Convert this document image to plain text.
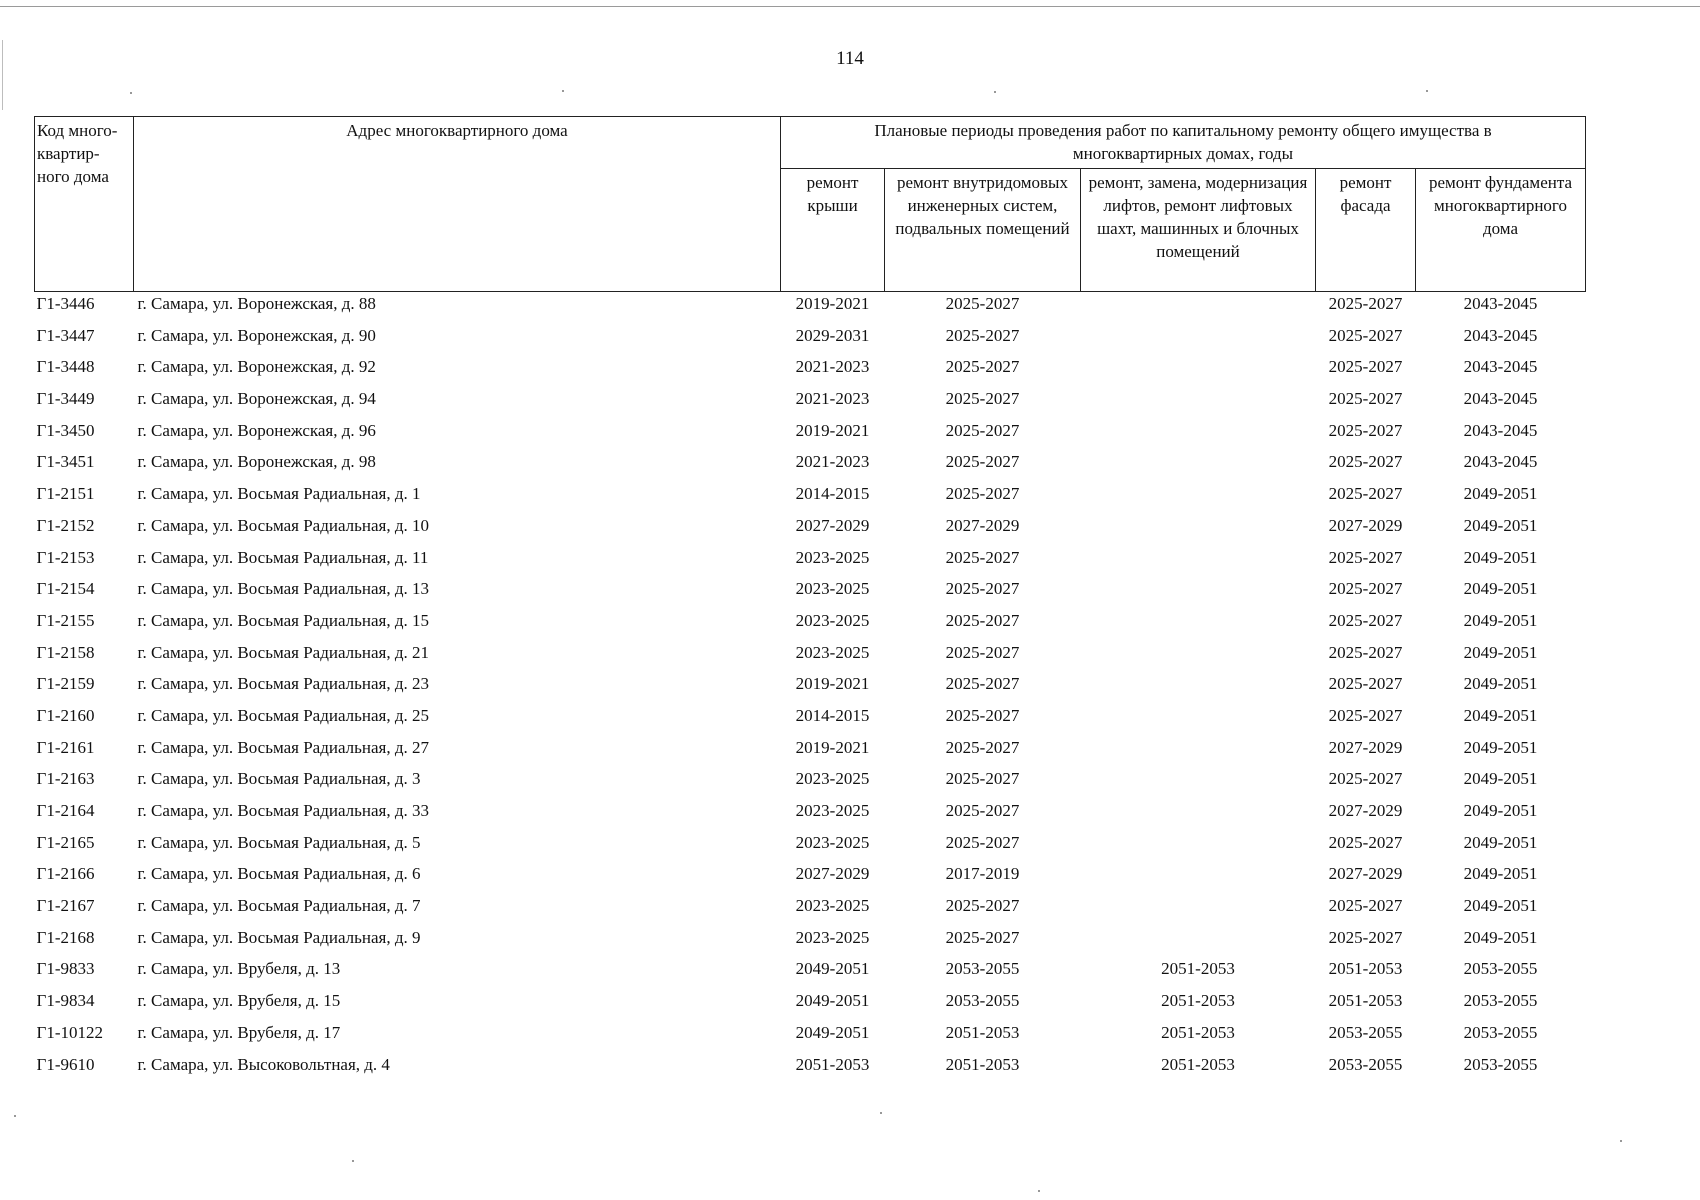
114
Код много-квартир-ного дома	Адрес многоквартирного дома	Плановые периоды проведения работ по капитальному ремонту общего имущества в многоквартирных домах, годы				
		ремонт крыши	ремонт внутридомовых инженерных систем, подвальных помещений	ремонт, замена, модернизация лифтов, ремонт лифтовых шахт, машинных и блочных помещений	ремонт фасада	ремонт фундамента многоквартирного дома
Г1-3446	г. Самара, ул. Воронежская, д. 88	2019-2021	2025-2027		2025-2027	2043-2045
Г1-3447	г. Самара, ул. Воронежская, д. 90	2029-2031	2025-2027		2025-2027	2043-2045
Г1-3448	г. Самара, ул. Воронежская, д. 92	2021-2023	2025-2027		2025-2027	2043-2045
Г1-3449	г. Самара, ул. Воронежская, д. 94	2021-2023	2025-2027		2025-2027	2043-2045
Г1-3450	г. Самара, ул. Воронежская, д. 96	2019-2021	2025-2027		2025-2027	2043-2045
Г1-3451	г. Самара, ул. Воронежская, д. 98	2021-2023	2025-2027		2025-2027	2043-2045
Г1-2151	г. Самара, ул. Восьмая Радиальная, д. 1	2014-2015	2025-2027		2025-2027	2049-2051
Г1-2152	г. Самара, ул. Восьмая Радиальная, д. 10	2027-2029	2027-2029		2027-2029	2049-2051
Г1-2153	г. Самара, ул. Восьмая Радиальная, д. 11	2023-2025	2025-2027		2025-2027	2049-2051
Г1-2154	г. Самара, ул. Восьмая Радиальная, д. 13	2023-2025	2025-2027		2025-2027	2049-2051
Г1-2155	г. Самара, ул. Восьмая Радиальная, д. 15	2023-2025	2025-2027		2025-2027	2049-2051
Г1-2158	г. Самара, ул. Восьмая Радиальная, д. 21	2023-2025	2025-2027		2025-2027	2049-2051
Г1-2159	г. Самара, ул. Восьмая Радиальная, д. 23	2019-2021	2025-2027		2025-2027	2049-2051
Г1-2160	г. Самара, ул. Восьмая Радиальная, д. 25	2014-2015	2025-2027		2025-2027	2049-2051
Г1-2161	г. Самара, ул. Восьмая Радиальная, д. 27	2019-2021	2025-2027		2027-2029	2049-2051
Г1-2163	г. Самара, ул. Восьмая Радиальная, д. 3	2023-2025	2025-2027		2025-2027	2049-2051
Г1-2164	г. Самара, ул. Восьмая Радиальная, д. 33	2023-2025	2025-2027		2027-2029	2049-2051
Г1-2165	г. Самара, ул. Восьмая Радиальная, д. 5	2023-2025	2025-2027		2025-2027	2049-2051
Г1-2166	г. Самара, ул. Восьмая Радиальная, д. 6	2027-2029	2017-2019		2027-2029	2049-2051
Г1-2167	г. Самара, ул. Восьмая Радиальная, д. 7	2023-2025	2025-2027		2025-2027	2049-2051
Г1-2168	г. Самара, ул. Восьмая Радиальная, д. 9	2023-2025	2025-2027		2025-2027	2049-2051
Г1-9833	г. Самара, ул. Врубеля, д. 13	2049-2051	2053-2055	2051-2053	2051-2053	2053-2055
Г1-9834	г. Самара, ул. Врубеля, д. 15	2049-2051	2053-2055	2051-2053	2051-2053	2053-2055
Г1-10122	г. Самара, ул. Врубеля, д. 17	2049-2051	2051-2053	2051-2053	2053-2055	2053-2055
Г1-9610	г. Самара, ул. Высоковольтная, д. 4	2051-2053	2051-2053	2051-2053	2053-2055	2053-2055
